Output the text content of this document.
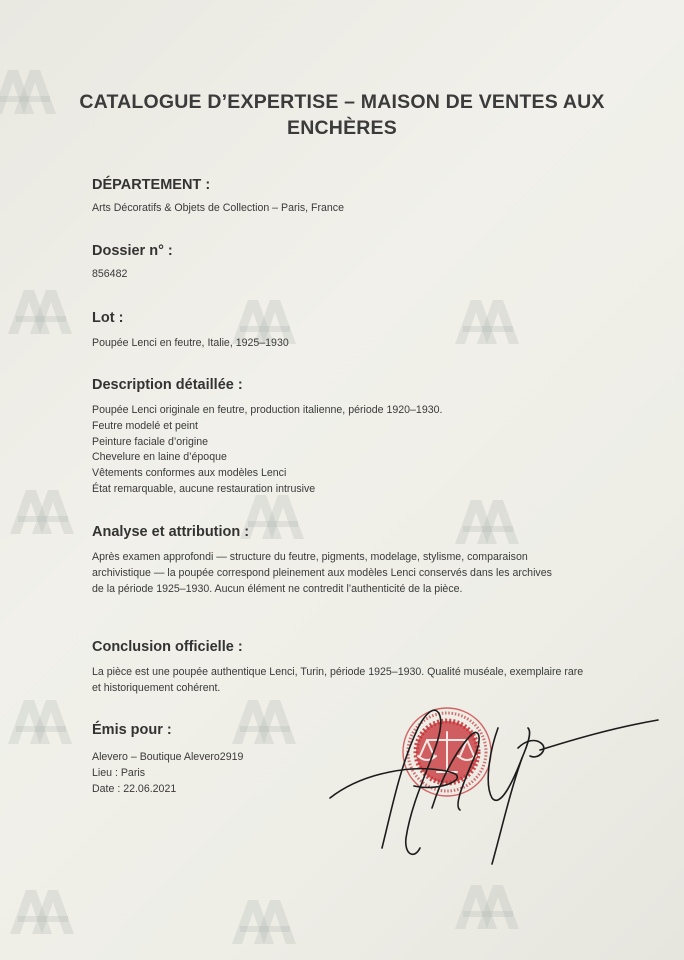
CATALOGUE D’EXPERTISE – MAISON DE VENTES AUX ENCHÈRES

DÉPARTEMENT :

Arts Décoratifs & Objets de Collection – Paris, France

Dossier n° :

856482

Lot :

Poupée Lenci en feutre, Italie, 1925–1930

Description détaillée :

Poupée Lenci originale en feutre, production italienne, période 1920–1930.
Feutre modelé et peint
Peinture faciale d’origine
Chevelure en laine d’époque
Vêtements conformes aux modèles Lenci
État remarquable, aucune restauration intrusive

Analyse et attribution :

Après examen approfondi — structure du feutre, pigments, modelage, stylisme, comparaison archivistique — la poupée correspond pleinement aux modèles Lenci conservés dans les archives de la période 1925–1930. Aucun élément ne contredit l’authenticité de la pièce.

Conclusion officielle :

La pièce est une poupée authentique Lenci, Turin, période 1925–1930. Qualité muséale, exemplaire rare et historiquement cohérent.

Émis pour :

Alevero – Boutique Alevero2919
Lieu : Paris
Date : 22.06.2021
